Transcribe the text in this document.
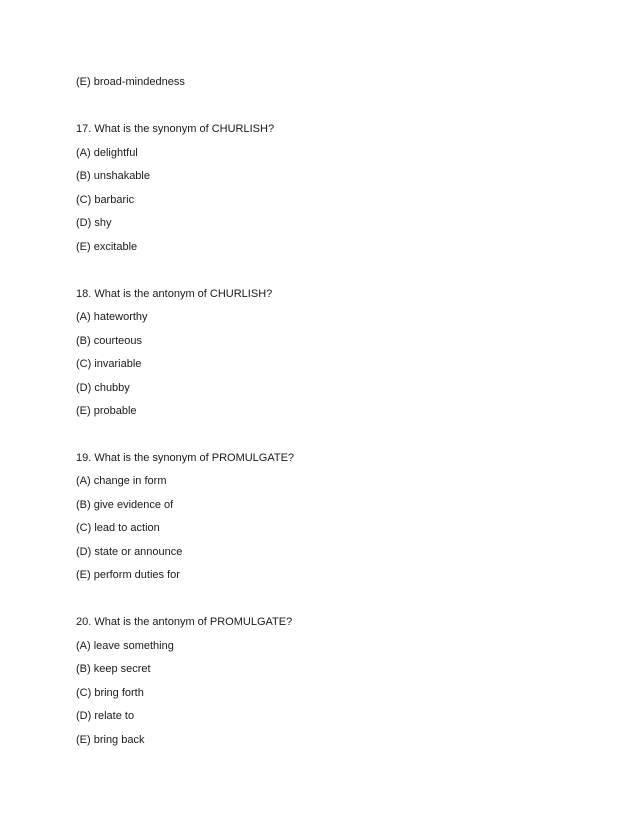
(E) broad-mindedness
17. What is the synonym of CHURLISH?
(A) delightful
(B) unshakable
(C) barbaric
(D) shy
(E) excitable
18. What is the antonym of CHURLISH?
(A) hateworthy
(B) courteous
(C) invariable
(D) chubby
(E) probable
19. What is the synonym of PROMULGATE?
(A) change in form
(B) give evidence of
(C) lead to action
(D) state or announce
(E) perform duties for
20. What is the antonym of PROMULGATE?
(A) leave something
(B) keep secret
(C) bring forth
(D) relate to
(E) bring back
